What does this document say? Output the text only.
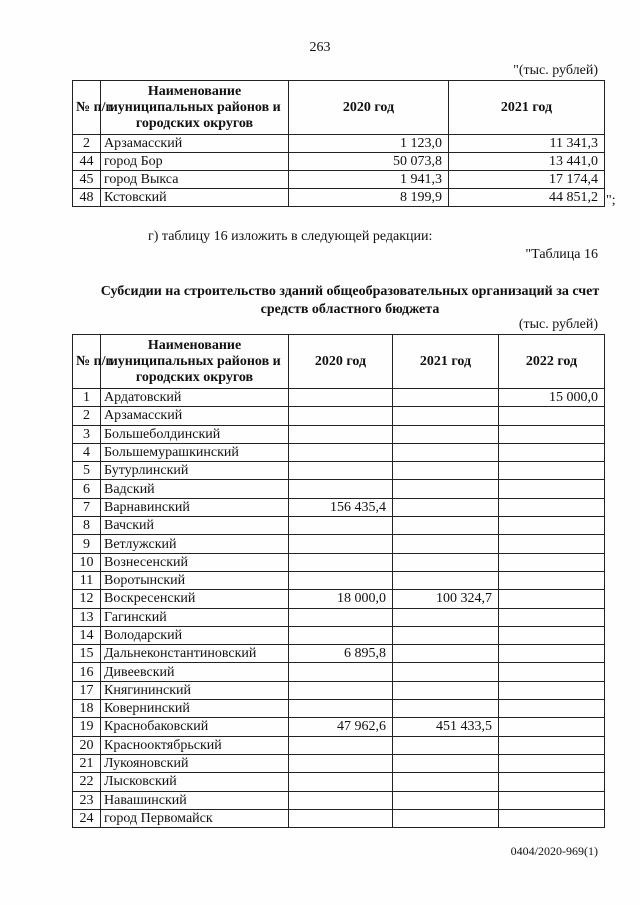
263
"(тыс. рублей)
№ п/п	Наименование муниципальных районов и городских округов	2020 год	2021 год
2	Арзамасский	1 123,0	11 341,3
44	город Бор	50 073,8	13 441,0
45	город Выкса	1 941,3	17 174,4
48	Кстовский	8 199,9	44 851,2 ";
г) таблицу 16 изложить в следующей редакции:
"Таблица 16
Субсидии на строительство зданий общеобразовательных организаций за счет средств областного бюджета
(тыс. рублей)
№ п/п	Наименование муниципальных районов и городских округов	2020 год	2021 год	2022 год
1	Ардатовский			15 000,0
2	Арзамасский			
3	Большеболдинский			
4	Большемурашкинский			
5	Бутурлинский			
6	Вадский			
7	Варнавинский	156 435,4		
8	Вачский			
9	Ветлужский			
10	Вознесенский			
11	Воротынский			
12	Воскресенский	18 000,0	100 324,7	
13	Гагинский			
14	Володарский			
15	Дальнеконстантиновский	6 895,8		
16	Дивеевский			
17	Княгининский			
18	Ковернинский			
19	Краснобаковский	47 962,6	451 433,5	
20	Краснооктябрьский			
21	Лукояновский			
22	Лысковский			
23	Навашинский			
24	город Первомайск			
0404/2020-969(1)
